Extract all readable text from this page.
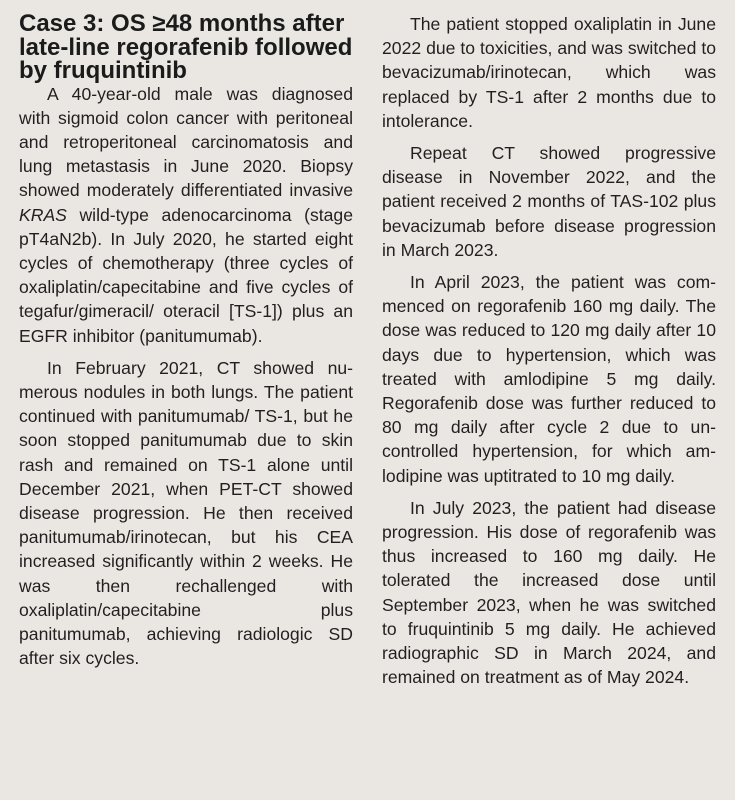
Case 3: OS ≥48 months after late-line regorafenib followed by fruquintinib

A 40-year-old male was diagnosed with sigmoid colon cancer with peritoneal and retroperitoneal carcinomatosis and lung metastasis in June 2020. Biopsy showed moderately differentiated invasive KRAS wild-type adenocarcinoma (stage pT4aN2b). In July 2020, he started eight cycles of chemotherapy (three cycles of oxaliplatin/capecitabine and five cycles of tegafur/gimeracil/ oteracil [TS-1]) plus an EGFR inhibitor (panitumumab).

In February 2021, CT showed numerous nodules in both lungs. The patient continued with panitumumab/ TS-1, but he soon stopped panitumumab due to skin rash and remained on TS-1 alone until December 2021, when PET-CT showed disease progression. He then received panitumumab/irinotecan, but his CEA increased significantly within 2 weeks. He was then rechallenged with oxaliplatin/capecitabine plus panitumumab, achieving radiologic SD after six cycles.

The patient stopped oxaliplatin in June 2022 due to toxicities, and was switched to bevacizumab/irinotecan, which was replaced by TS-1 after 2 months due to intolerance.

Repeat CT showed progressive disease in November 2022, and the patient received 2 months of TAS-102 plus bevacizumab before disease progression in March 2023.

In April 2023, the patient was commenced on regorafenib 160 mg daily. The dose was reduced to 120 mg daily after 10 days due to hypertension, which was treated with amlodipine 5 mg daily. Regorafenib dose was further reduced to 80 mg daily after cycle 2 due to uncontrolled hypertension, for which amlodipine was uptitrated to 10 mg daily.

In July 2023, the patient had disease progression. His dose of regorafenib was thus increased to 160 mg daily. He tolerated the increased dose until September 2023, when he was switched to fruquintinib 5 mg daily. He achieved radiographic SD in March 2024, and remained on treatment as of May 2024.
